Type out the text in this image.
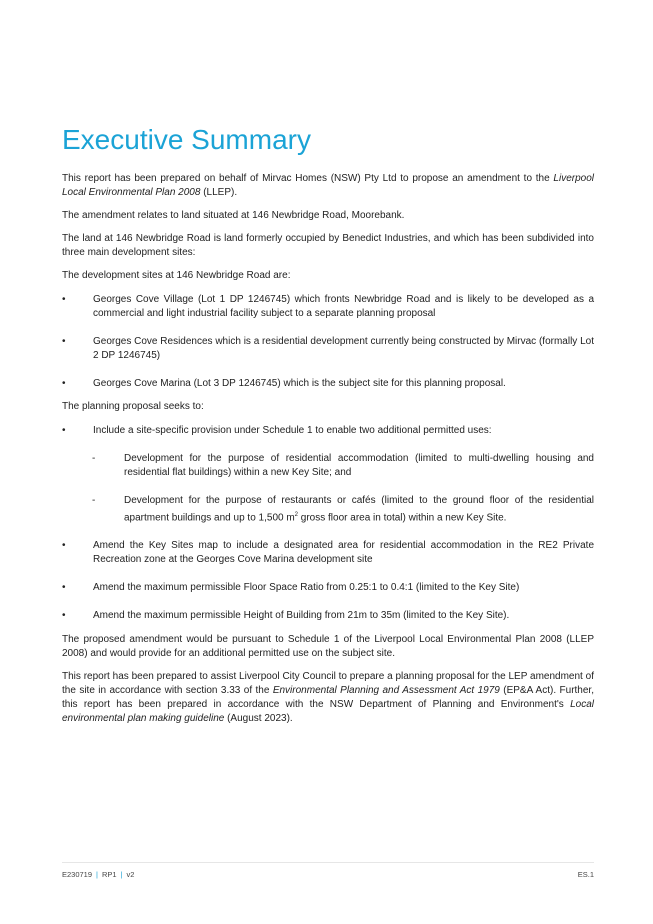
Executive Summary

This report has been prepared on behalf of Mirvac Homes (NSW) Pty Ltd to propose an amendment to the Liverpool Local Environmental Plan 2008 (LLEP).

The amendment relates to land situated at 146 Newbridge Road, Moorebank.

The land at 146 Newbridge Road is land formerly occupied by Benedict Industries, and which has been subdivided into three main development sites:

The development sites at 146 Newbridge Road are:

•	Georges Cove Village (Lot 1 DP 1246745) which fronts Newbridge Road and is likely to be developed as a commercial and light industrial facility subject to a separate planning proposal
•	Georges Cove Residences which is a residential development currently being constructed by Mirvac (formally Lot 2 DP 1246745)
•	Georges Cove Marina (Lot 3 DP 1246745) which is the subject site for this planning proposal.

The planning proposal seeks to:

•	Include a site-specific provision under Schedule 1 to enable two additional permitted uses:
-	Development for the purpose of residential accommodation (limited to multi-dwelling housing and residential flat buildings) within a new Key Site; and
-	Development for the purpose of restaurants or cafés (limited to the ground floor of the residential apartment buildings and up to 1,500 $m^2$ gross floor area in total) within a new Key Site.
•	Amend the Key Sites map to include a designated area for residential accommodation in the RE2 Private Recreation zone at the Georges Cove Marina development site
•	Amend the maximum permissible Floor Space Ratio from 0.25:1 to 0.4:1 (limited to the Key Site)
•	Amend the maximum permissible Height of Building from 21m to 35m (limited to the Key Site).

The proposed amendment would be pursuant to Schedule 1 of the Liverpool Local Environmental Plan 2008 (LLEP 2008) and would provide for an additional permitted use on the subject site.

This report has been prepared to assist Liverpool City Council to prepare a planning proposal for the LEP amendment of the site in accordance with section 3.33 of the Environmental Planning and Assessment Act 1979 (EP&A Act). Further, this report has been prepared in accordance with the NSW Department of Planning and Environment's Local environmental plan making guideline (August 2023).

E230719 | RP1 | v2	ES.1
